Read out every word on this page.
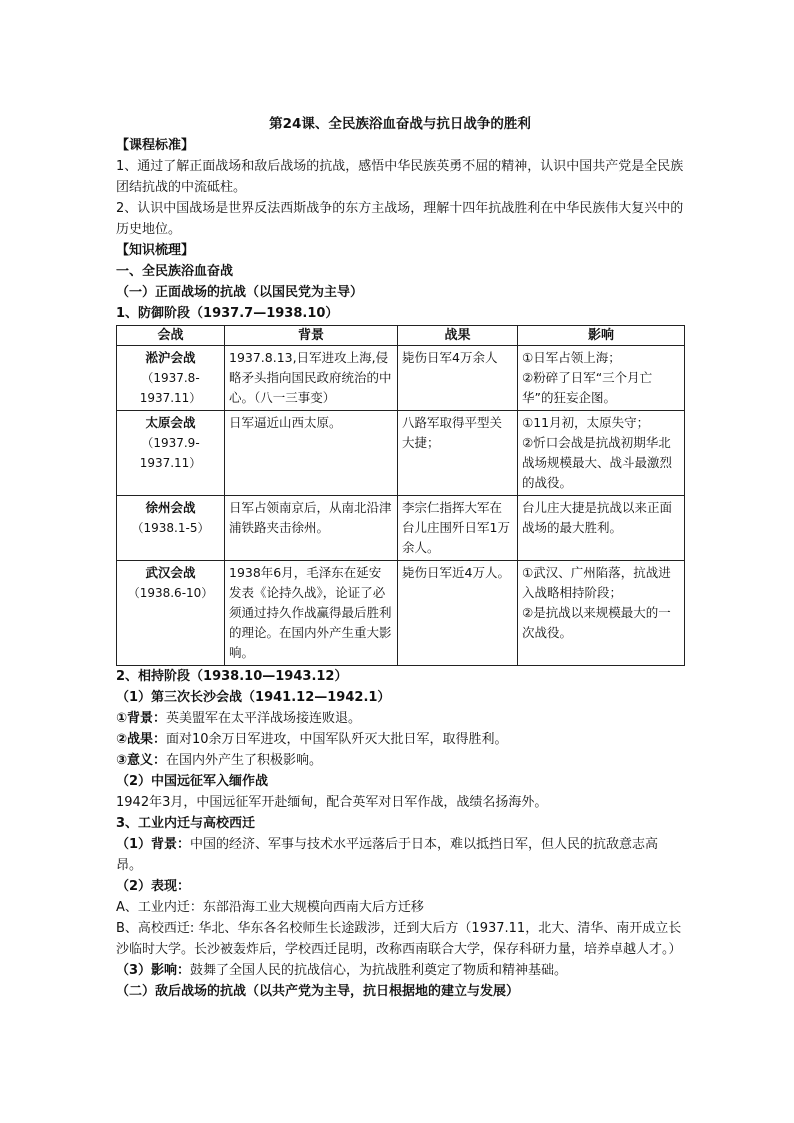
第24课、全民族浴血奋战与抗日战争的胜利
【课程标准】
1、通过了解正面战场和敌后战场的抗战，感悟中华民族英勇不屈的精神，认识中国共产党是全民族团结抗战的中流砥柱。
2、认识中国战场是世界反法西斯战争的东方主战场，理解十四年抗战胜利在中华民族伟大复兴中的历史地位。
【知识梳理】
一、全民族浴血奋战
（一）正面战场的抗战（以国民党为主导）
1、防御阶段（1937.7—1938.10）
会战	背景	战果	影响

淞沪会战
（1937.8-1937.11）	1937.8.13,日军进攻上海,侵略矛头指向国民政府统治的中心。（八一三事变）	毙伤日军4万余人	①日军占领上海；
②粉碎了日军“三个月亡华”的狂妄企图。

太原会战
（1937.9-1937.11）	日军逼近山西太原。	八路军取得平型关大捷；	①11月初，太原失守；
②忻口会战是抗战初期华北战场规模最大、战斗最激烈的战役。

徐州会战
（1938.1-5）	日军占领南京后，从南北沿津浦铁路夹击徐州。	李宗仁指挥大军在台儿庄围歼日军1万余人。	台儿庄大捷是抗战以来正面战场的最大胜利。

武汉会战
（1938.6-10）	1938年6月，毛泽东在延安发表《论持久战》，论证了必须通过持久作战赢得最后胜利的理论。在国内外产生重大影响。	毙伤日军近4万人。	①武汉、广州陷落，抗战进入战略相持阶段；
②是抗战以来规模最大的一次战役。
2、相持阶段（1938.10—1943.12）
（1）第三次长沙会战（1941.12—1942.1）
①背景：英美盟军在太平洋战场接连败退。
②战果：面对10余万日军进攻，中国军队歼灭大批日军，取得胜利。
③意义：在国内外产生了积极影响。
（2）中国远征军入缅作战
1942年3月，中国远征军开赴缅甸，配合英军对日军作战，战绩名扬海外。
3、工业内迁与高校西迁
（1）背景：中国的经济、军事与技术水平远落后于日本，难以抵挡日军，但人民的抗敌意志高昂。
（2）表现：
A、工业内迁：东部沿海工业大规模向西南大后方迁移
B、高校西迁: 华北、华东各名校师生长途跋涉，迁到大后方（1937.11，北大、清华、南开成立长沙临时大学。长沙被轰炸后，学校西迁昆明，改称西南联合大学，保存科研力量，培养卓越人才。）
（3）影响：鼓舞了全国人民的抗战信心，为抗战胜利奠定了物质和精神基础。
（二）敌后战场的抗战（以共产党为主导，抗日根据地的建立与发展）
